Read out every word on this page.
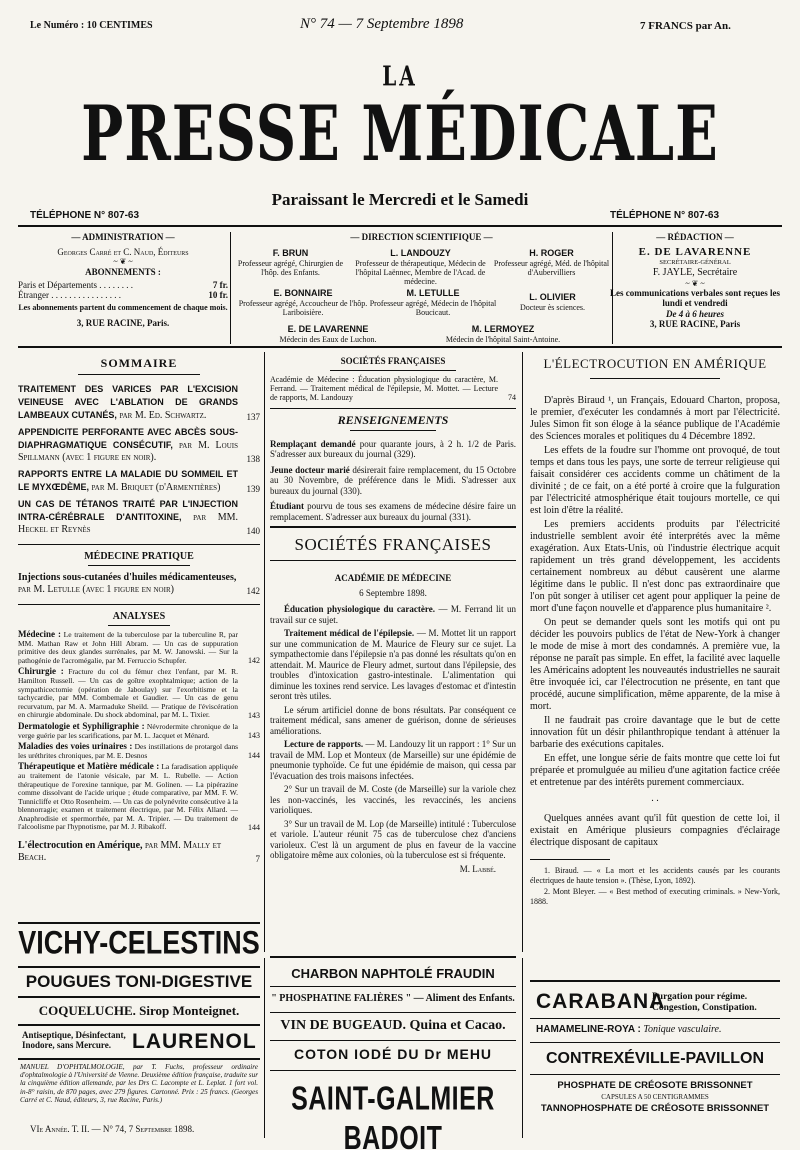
Le Numéro : 10 CENTIMES	N° 74 — 7 Septembre 1898	7 FRANCS par An.
LA
PRESSE MÉDICALE
Paraissant le Mercredi et le Samedi
TÉLÉPHONE N° 807-63	TÉLÉPHONE N° 807-63
— ADMINISTRATION —
Georges Carré et C. Naud, Éditeurs
~ ❦ ~
ABONNEMENTS :
Paris et Départements . . . . . . . .	7 fr.
Étranger . . . . . . . . . . . . . . . .	10 fr.
Les abonnements partent du commencement de chaque mois.
3, RUE RACINE, Paris.
— DIRECTION SCIENTIFIQUE —
F. BRUN
Professeur agrégé, Chirurgien de l'hôp. des Enfants.
L. LANDOUZY
Professeur de thérapeutique, Médecin de l'hôpital Laënnec, Membre de l'Acad. de médecine.
H. ROGER
Professeur agrégé, Méd. de l'hôpital d'Aubervilliers
E. BONNAIRE
Professeur agrégé, Accoucheur de l'hôp. Lariboisière.
M. LETULLE
Professeur agrégé, Médecin de l'hôpital Boucicaut.
L. OLIVIER
Docteur ès sciences.
E. DE LAVARENNE
Médecin des Eaux de Luchon.
M. LERMOYEZ
Médecin de l'hôpital Saint-Antoine.
— RÉDACTION —
E. DE LAVARENNE
SECRÉTAIRE-GÉNÉRAL
F. JAYLE, Secrétaire
~ ❦ ~
Les communications verbales sont reçues les lundi et vendredi
De 4 à 6 heures
3, RUE RACINE, Paris
SOMMAIRE
TRAITEMENT DES VARICES PAR L'EXCISION VEINEUSE AVEC L'ABLATION DE GRANDS LAMBEAUX CUTANÉS, par M. Ed. Schwartz.	137
APPENDICITE PERFORANTE AVEC ABCÈS SOUS-DIAPHRAGMATIQUE CONSÉCUTIF, par M. Louis Spillmann (avec 1 figure en noir).	138
RAPPORTS ENTRE LA MALADIE DU SOMMEIL ET LE MYXŒDÈME, par M. Briquet (d'Armentières)	139
UN CAS DE TÉTANOS TRAITÉ PAR L'INJECTION INTRA-CÉRÉBRALE D'ANTITOXINE, par MM. Heckel et Reynès	140
MÉDECINE PRATIQUE
Injections sous-cutanées d'huiles médicamenteuses, par M. Letulle (avec 1 figure en noir)	142
ANALYSES
Médecine : Le traitement de la tuberculose par la tuberculine R, par MM. Mathan Raw et John Hill Abram. — Un cas de suppuration primitive des deux glandes surrénales, par M. W. Janowski. — Sur la pathogénie de l'acromégalie, par M. Ferruccio Schupfer.	142
Chirurgie : Fracture du col du fémur chez l'enfant, par M. R. Hamilton Russell. — Un cas de goître exophtalmique; action de la sympathicectomie (opération de Jaboulay) sur l'exorbitisme et la tachycardie, par MM. Combemale et Gaudier. — Un cas de genu recurvatum, par M. A. Marmaduke Sheild. — Pratique de l'éviscération en chirurgie abdominale. Du shock abdominal, par M. L. Tixier.	143
Dermatologie et Syphiligraphie : Névrodermite chronique de la verge guérie par les scarifications, par M. L. Jacquet et Ménard.	143
Maladies des voies urinaires : Des instillations de protargol dans les uréthrites chroniques, par M. E. Desnos	144
Thérapeutique et Matière médicale : La faradisation appliquée au traitement de l'atonie vésicale, par M. L. Rubelle. — Action thérapeutique de l'orexine tannique, par M. Golinen. — La pipérazine comme dissolvant de l'acide urique ; étude comparative, par MM. F. W. Tunnicliffe et Otto Rosenheim. — Un cas de polynévrite consécutive à la blennorragie; examen et traitement électrique, par M. Félix Allard. — Anaphrodisie et spermorrhée, par M. A. Tripier. — Du traitement de l'alcoolisme par l'hypnotisme, par M. J. Ribakoff.	144
L'électrocution en Amérique, par MM. Mally et Beach.	7
VICHY-CELESTINS
POUGUES TONI-DIGESTIVE
COQUELUCHE. Sirop Monteignet.
Antiseptique, Désinfectant, Inodore, sans Mercure.	LAURENOL
MANUEL D'OPHTALMOLOGIE, par T. Fuchs, professeur ordinaire d'ophtalmologie à l'Université de Vienne. Deuxième édition française, traduite sur la cinquième édition allemande, par les Drs C. Lacompte et L. Leplat. 1 fort vol. in-8° raisin, de 870 pages, avec 279 figures. Cartonné. Prix : 25 francs. (Georges Carré et C. Naud, éditeurs, 3, rue Racine, Paris.)
VIe Année. T. II. — N° 74, 7 Septembre 1898.
SOCIÉTÉS FRANÇAISES
Académie de Médecine : Éducation physiologique du caractère, M. Ferrand. — Traitement médical de l'épilepsie, M. Mottet. — Lecture de rapports, M. Landouzy	74
RENSEIGNEMENTS
Remplaçant demandé pour quarante jours, à 2 h. 1/2 de Paris. S'adresser aux bureaux du journal (329).
Jeune docteur marié désirerait faire remplacement, du 15 Octobre au 30 Novembre, de préférence dans le Midi. S'adresser aux bureaux du journal (330).
Étudiant pourvu de tous ses examens de médecine désire faire un remplacement. S'adresser aux bureaux du journal (331).
SOCIÉTÉS FRANÇAISES
ACADÉMIE DE MÉDECINE
6 Septembre 1898.

Éducation physiologique du caractère. — M. Ferrand lit un travail sur ce sujet.

Traitement médical de l'épilepsie. — M. Mottet lit un rapport sur une communication de M. Maurice de Fleury sur ce sujet. La sympathectomie dans l'épilepsie n'a pas donné les résultats qu'on en attendait. M. Maurice de Fleury admet, surtout dans l'épilepsie, des troubles d'intoxication gastro-intestinale. L'alimentation qui diminue les toxines rend service. Les lavages d'estomac et d'intestin seront très utiles.

Le sérum artificiel donne de bons résultats. Par conséquent ce traitement médical, sans amener de guérison, donne de sérieuses améliorations.

Lecture de rapports. — M. Landouzy lit un rapport : 1° Sur un travail de MM. Lop et Monteux (de Marseille) sur une épidémie de pneumonie typhoïde. Ce fut une épidémie de maison, qui cessa par l'évacuation des trois maisons infectées.

2° Sur un travail de M. Coste (de Marseille) sur la variole chez les non-vaccinés, les vaccinés, les revaccinés, les anciens varioliques.

3° Sur un travail de M. Lop (de Marseille) intitulé : Tuberculose et variole. L'auteur réunit 75 cas de tuberculose chez d'anciens varioleux. C'est là un argument de plus en faveur de la vaccine obligatoire même aux colonies, où la tuberculose est si fréquente.

M. Labbé.
CHARBON NAPHTOLÉ FRAUDIN
" PHOSPHATINE FALIÈRES " — Aliment des Enfants.
VIN DE BUGEAUD. Quina et Cacao.
COTON IODÉ DU Dr MEHU
SAINT-GALMIER BADOIT
L'ÉLECTROCUTION EN AMÉRIQUE

D'après Biraud ¹, un Français, Edouard Charton, proposa, le premier, d'exécuter les condamnés à mort par l'électricité. Jules Simon fit son éloge à la séance publique de l'Académie des Sciences morales et politiques du 4 Décembre 1892.

Les effets de la foudre sur l'homme ont provoqué, de tout temps et dans tous les pays, une sorte de terreur religieuse qui faisait considérer ces accidents comme un châtiment de la divinité ; de ce fait, on a été porté à croire que la fulguration par l'électricité atmosphérique était toujours mortelle, ce qui est loin d'être la réalité.

Les premiers accidents produits par l'électricité industrielle semblent avoir été interprétés avec la même exagération. Aux Etats-Unis, où l'industrie électrique acquit rapidement un très grand développement, les accidents certainement nombreux au début causèrent une alarme légitime dans le public. Il n'est donc pas extraordinaire que l'on pût songer à utiliser cet agent pour appliquer la peine de mort d'une façon nouvelle et d'apparence plus humanitaire ².

On peut se demander quels sont les motifs qui ont pu décider les pouvoirs publics de l'état de New-York à changer le mode de mise à mort des condamnés. A première vue, la réponse ne paraît pas simple. En effet, la facilité avec laquelle les Américains adoptent les nouveautés industrielles ne saurait être invoquée ici, car l'électrocution ne présente, en tant que procédé, aucune simplification, même apparente, de la mise à mort.

Il ne faudrait pas croire davantage que le but de cette innovation fût un désir philanthropique tendant à atténuer la barbarie des exécutions capitales.

En effet, une longue série de faits montre que cette loi fut préparée et promulguée au milieu d'une agitation factice créée et entretenue par des intérêts purement commerciaux.

. .

Quelques années avant qu'il fût question de cette loi, il existait en Amérique plusieurs compagnies d'éclairage électrique disposant de capitaux

1. Biraud. — « La mort et les accidents causés par les courants électriques de haute tension ». (Thèse, Lyon, 1892).

2. Mont Bleyer. — « Best method of executing criminals. » New-York, 1888.

CARABANA
Purgation pour régime. Congestion, Constipation.
HAMAMELINE-ROYA : Tonique vasculaire.
CONTREXÉVILLE-PAVILLON
PHOSPHATE DE CRÉOSOTE BRISSONNET
CAPSULES A 50 CENTIGRAMMES
TANNOPHOSPHATE DE CRÉOSOTE BRISSONNET
